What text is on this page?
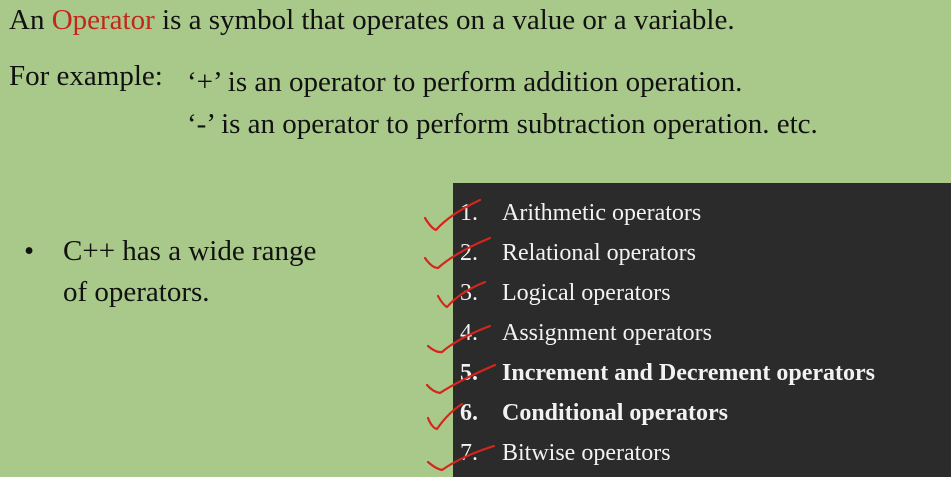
An Operator is a symbol that operates on a value or a variable.
For example: ‘+’ is an operator to perform addition operation.
‘-’ is an operator to perform subtraction operation. etc.
• C++ has a wide range
of operators.
1. Arithmetic operators
2. Relational operators
3. Logical operators
4. Assignment operators
5. Increment and Decrement operators
6. Conditional operators
7. Bitwise operators
